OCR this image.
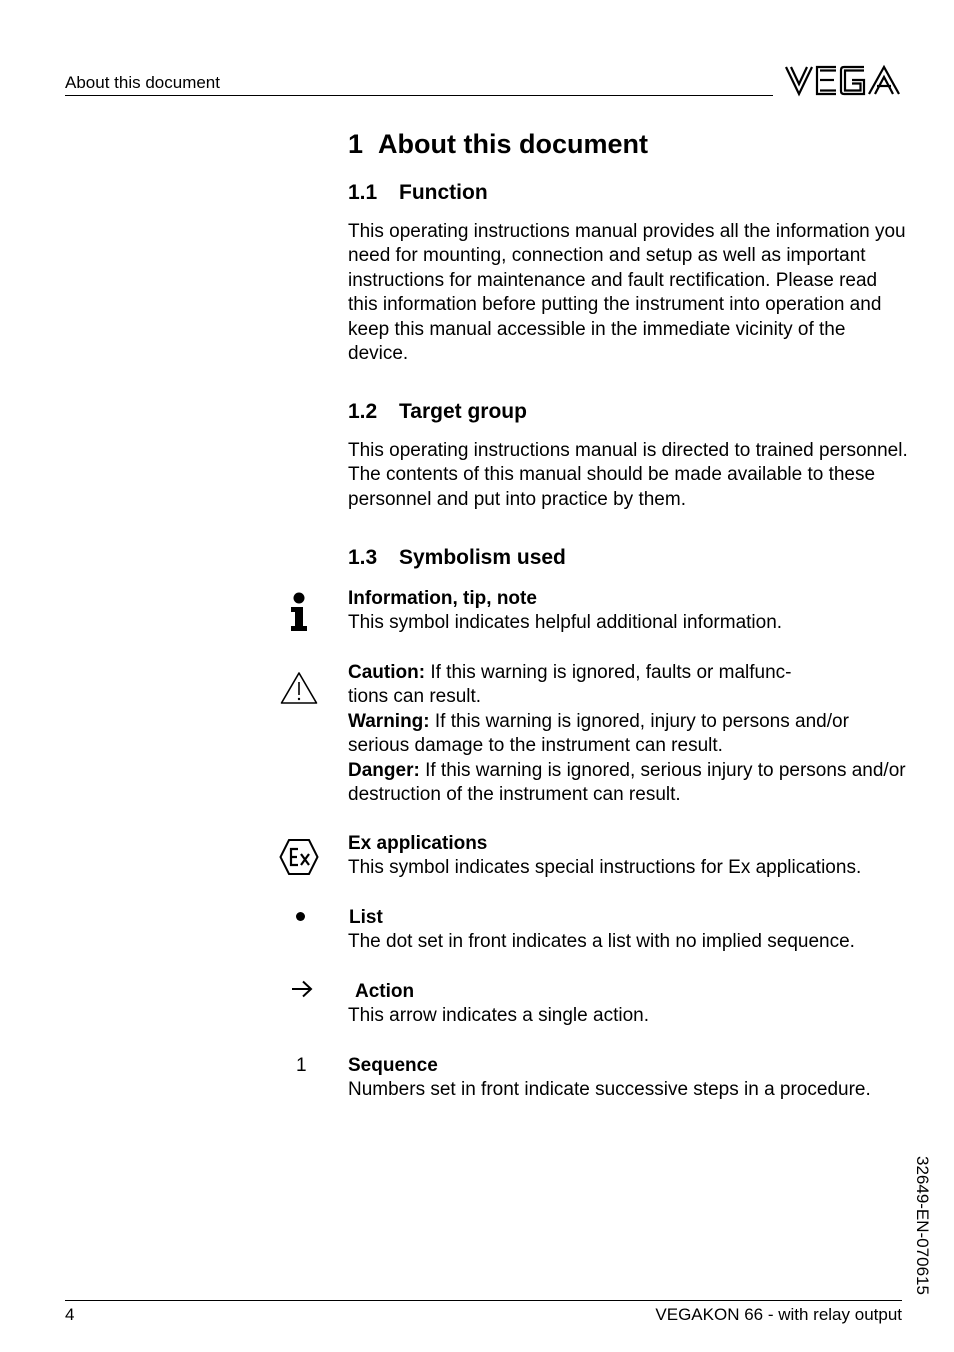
About this document
1 About this document
1.1 Function

This operating instructions manual provides all the information you need for mounting, connection and setup as well as important instructions for maintenance and fault rectification. Please read this information before putting the instrument into operation and keep this manual accessible in the immediate vicinity of the device.

1.2 Target group

This operating instructions manual is directed to trained personnel. The contents of this manual should be made available to these personnel and put into practice by them.

1.3 Symbolism used

Information, tip, note

This symbol indicates helpful additional information.

Caution: If this warning is ignored, faults or malfunc- tions can result.

Warning: If this warning is ignored, injury to persons and/or serious damage to the instrument can result.

Danger: If this warning is ignored, serious injury to persons and/or destruction of the instrument can result.

Ex applications

This symbol indicates special instructions for Ex applications.

List

The dot set in front indicates a list with no implied sequence.

Action

This arrow indicates a single action.

1 Sequence

Numbers set in front indicate successive steps in a procedure.

32649-EN-070615
4	VEGAKON 66 - with relay output
